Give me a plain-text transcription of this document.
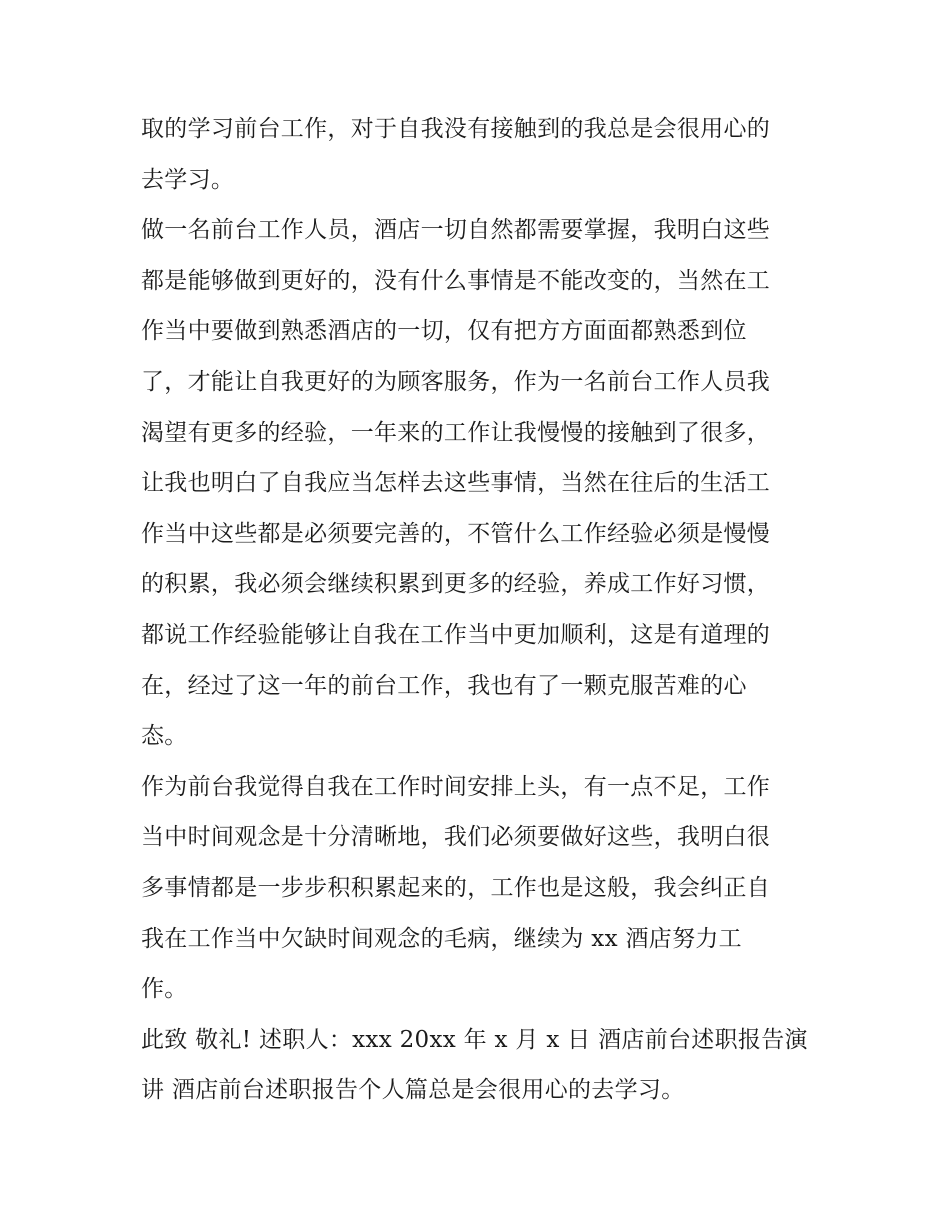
取的学习前台工作，对于自我没有接触到的我总是会很用心的
去学习。
做一名前台工作人员，酒店一切自然都需要掌握，我明白这些
都是能够做到更好的，没有什么事情是不能改变的，当然在工
作当中要做到熟悉酒店的一切，仅有把方方面面都熟悉到位
了，才能让自我更好的为顾客服务，作为一名前台工作人员我
渴望有更多的经验，一年来的工作让我慢慢的接触到了很多，
让我也明白了自我应当怎样去这些事情，当然在往后的生活工
作当中这些都是必须要完善的，不管什么工作经验必须是慢慢
的积累，我必须会继续积累到更多的经验，养成工作好习惯，
都说工作经验能够让自我在工作当中更加顺利，这是有道理的
在，经过了这一年的前台工作，我也有了一颗克服苦难的心
态。
作为前台我觉得自我在工作时间安排上头，有一点不足，工作
当中时间观念是十分清晰地，我们必须要做好这些，我明白很
多事情都是一步步积积累起来的，工作也是这般，我会纠正自
我在工作当中欠缺时间观念的毛病，继续为 xx 酒店努力工
作。
此致 敬礼! 述职人：xxx 20xx 年 x 月 x 日 酒店前台述职报告演
讲 酒店前台述职报告个人篇总是会很用心的去学习。
